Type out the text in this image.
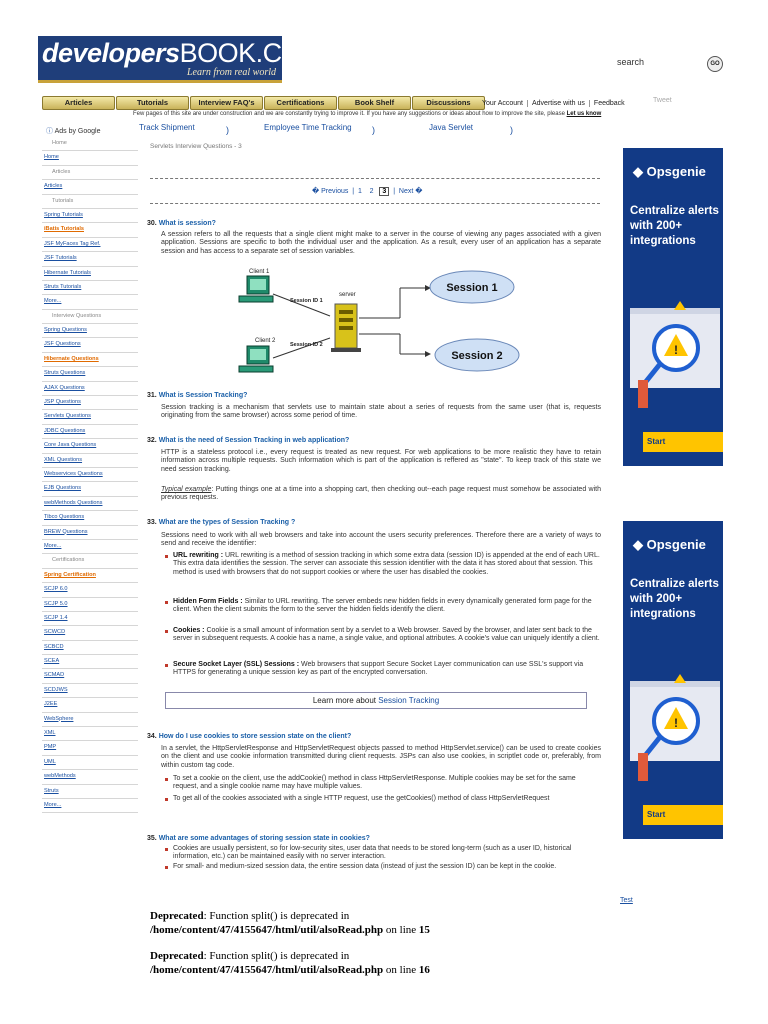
developersBOOK.COM
Learn from real world
search	GO
Articles	Tutorials	Interview FAQ's	Certifications	Book Shelf	Discussions	Your Account	Advertise with us	Feedback	Tweet
Few pages of this site are under construction and we are constantly trying to improve it. If you have any suggestions or ideas about how to improve the site, please Let us know
ⓘ Ads by Google	Track Shipment	)	Employee Time Tracking )	Java Servlet	)
Home
Home
Articles
Articles
Tutorials
Spring Tutorials
iBatis Tutorials
JSF MyFaces Tag Ref.
JSF Tutorials
Hibernate Tutorials
Struts Tutorials
More...
Interview Questions
Spring Questions
JSF Questions
Hibernate Questions
Struts Questions
AJAX Questions
JSP Questions
Servlets Questions
JDBC Questions
Core Java Questions
XML Questions
Webservices Questions
EJB Questions
webMethods Questions
Tibco Questions
BREW Questions
More...
Certifications
Spring Certification
SCJP 6.0
SCJP 5.0
SCJP 1.4
SCWCD
SCBCD
SCEA
SCMAD
SCDJWS
J2EE
WebSphere
XML
PMP
UML
webMethods
Struts
More...
Servlets Interview Questions - 3
� Previous  |  1 2 3  |  Next �
30. What is session?
A session refers to all the requests that a single client might make to a server in the course of viewing any pages associated with a given application. Sessions are specific to both the individual user and the application. As a result, every user of an application has a separate session and has access to a separate set of session variables.
Client 1
Client 2
Session ID 1
Session ID 2
server
Session 1
Session 2
31. What is Session Tracking?
Session tracking is a mechanism that servlets use to maintain state about a series of requests from the same user (that is, requests originating from the same browser) across some period of time.
32. What is the need of Session Tracking in web application?
HTTP is a stateless protocol i.e., every request is treated as new request. For web applications to be more realistic they have to retain information across multiple requests. Such information which is part of the application is reffered as "state". To keep track of this state we need session tracking.
Typical example: Putting things one at a time into a shopping cart, then checking out--each page request must somehow be associated with previous requests.
33. What are the types of Session Tracking ?
Sessions need to work with all web browsers and take into account the users security preferences. Therefore there are a variety of ways to send and receive the identifier:
URL rewriting : URL rewriting is a method of session tracking in which some extra data (session ID) is appended at the end of each URL. This extra data identifies the session. The server can associate this session identifier with the data it has stored about that session. This method is used with browsers that do not support cookies or where the user has disabled the cookies.
Hidden Form Fields : Similar to URL rewriting. The server embeds new hidden fields in every dynamically generated form page for the client. When the client submits the form to the server the hidden fields identify the client.
Cookies : Cookie is a small amount of information sent by a servlet to a Web browser. Saved by the browser, and later sent back to the server in subsequent requests. A cookie has a name, a single value, and optional attributes. A cookie's value can uniquely identify a client.
Secure Socket Layer (SSL) Sessions : Web browsers that support Secure Socket Layer communication can use SSL's support via HTTPS for generating a unique session key as part of the encrypted conversation.
Learn more about Session Tracking
34. How do I use cookies to store session state on the client?
In a servlet, the HttpServletResponse and HttpServletRequest objects passed to method HttpServlet.service() can be used to create cookies on the client and use cookie information transmitted during client requests. JSPs can also use cookies, in scriptlet code or, preferably, from within custom tag code.
To set a cookie on the client, use the addCookie() method in class HttpServletResponse. Multiple cookies may be set for the same request, and a single cookie name may have multiple values.
To get all of the cookies associated with a single HTTP request, use the getCookies() method of class HttpServletRequest
35. What are some advantages of storing session state in cookies?
Cookies are usually persistent, so for low-security sites, user data that needs to be stored long-term (such as a user ID, historical information, etc.) can be maintained easily with no server interaction.
For small- and medium-sized session data, the entire session data (instead of just the session ID) can be kept in the cookie.
◆ Opsgenie
Centralize alerts with 200+ integrations
!
Start
◆ Opsgenie
Centralize alerts with 200+ integrations
!
Start
Test
Deprecated: Function split() is deprecated in
/home/content/47/4155647/html/util/alsoRead.php on line 15
Deprecated: Function split() is deprecated in
/home/content/47/4155647/html/util/alsoRead.php on line 16
